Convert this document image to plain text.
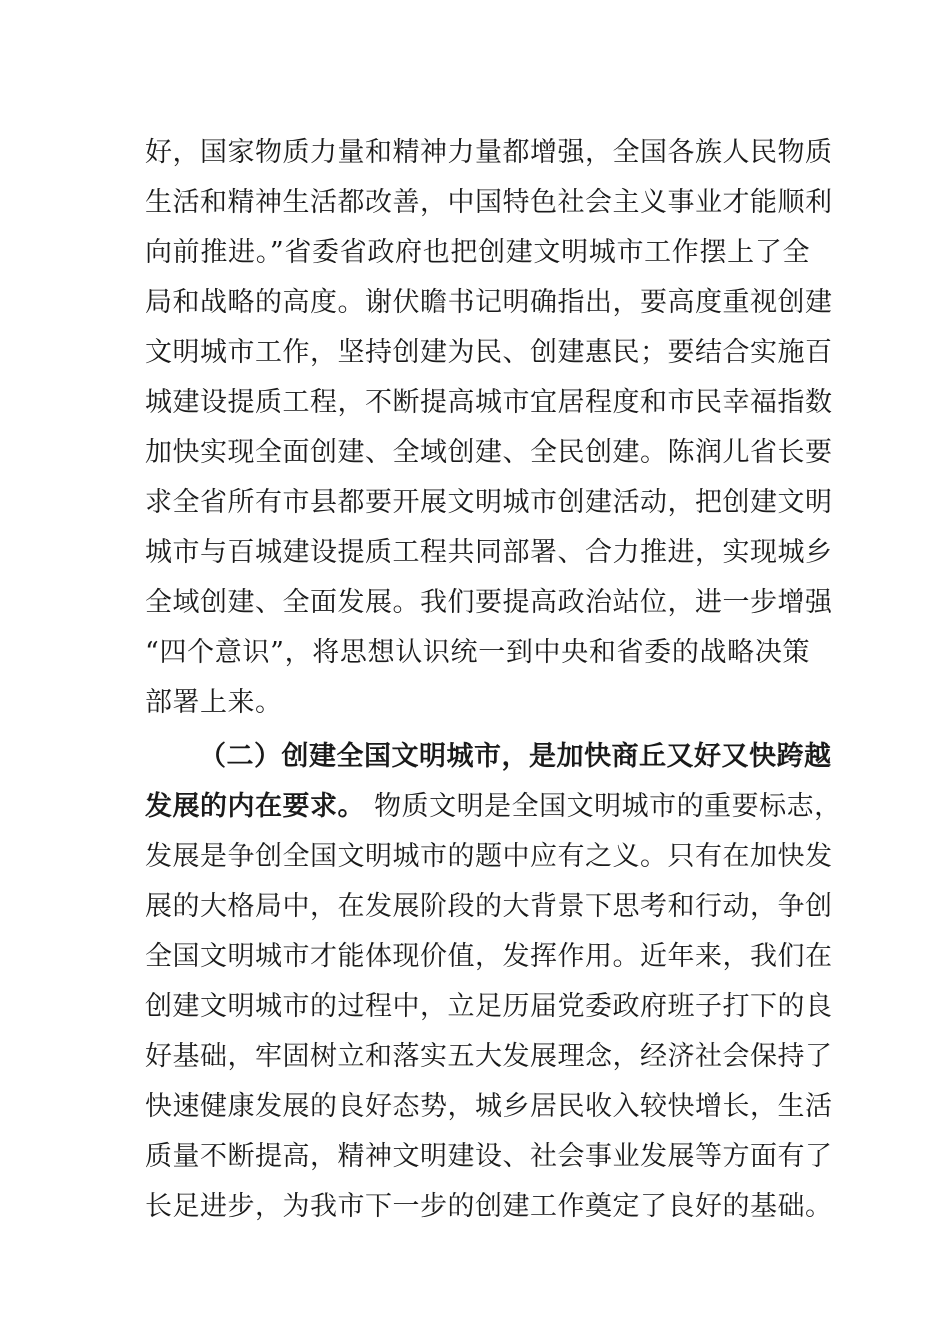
好，国家物质力量和精神力量都增强，全国各族人民物质
生活和精神生活都改善，中国特色社会主义事业才能顺利
向前推进。”省委省政府也把创建文明城市工作摆上了全
局和战略的高度。谢伏瞻书记明确指出，要高度重视创建
文明城市工作，坚持创建为民、创建惠民；要结合实施百
城建设提质工程，不断提高城市宜居程度和市民幸福指数
加快实现全面创建、全域创建、全民创建。陈润儿省长要
求全省所有市县都要开展文明城市创建活动，把创建文明
城市与百城建设提质工程共同部署、合力推进，实现城乡
全域创建、全面发展。我们要提高政治站位，进一步增强
“四个意识”，将思想认识统一到中央和省委的战略决策
部署上来。
（二）创建全国文明城市，是加快商丘又好又快跨越
发展的内在要求。 物质文明是全国文明城市的重要标志，
发展是争创全国文明城市的题中应有之义。只有在加快发
展的大格局中，在发展阶段的大背景下思考和行动，争创
全国文明城市才能体现价值，发挥作用。近年来，我们在
创建文明城市的过程中，立足历届党委政府班子打下的良
好基础，牢固树立和落实五大发展理念，经济社会保持了
快速健康发展的良好态势，城乡居民收入较快增长，生活
质量不断提高，精神文明建设、社会事业发展等方面有了
长足进步，为我市下一步的创建工作奠定了良好的基础。
